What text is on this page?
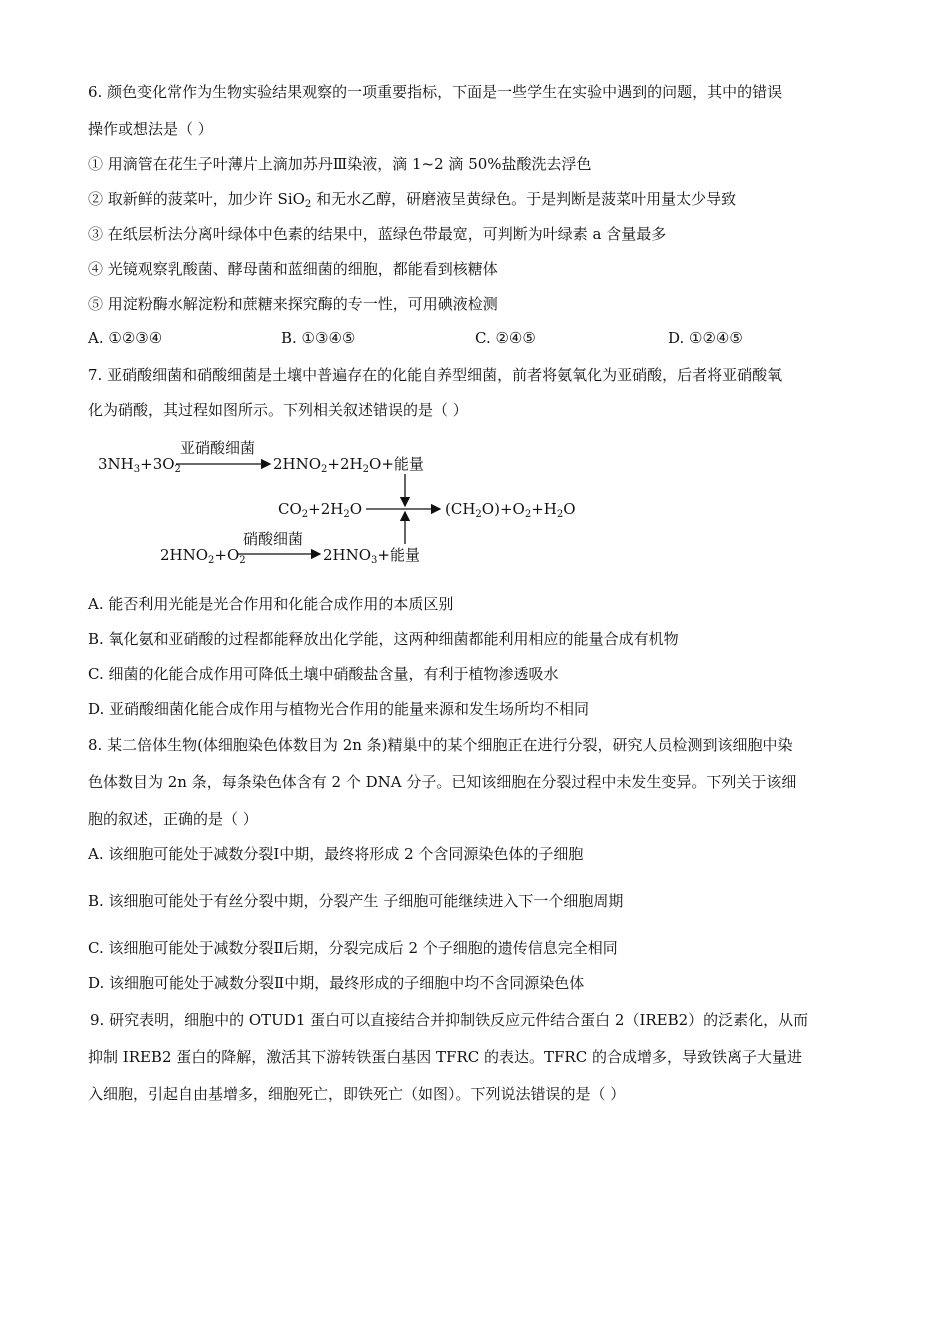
6. 颜色变化常作为生物实验结果观察的一项重要指标，下面是一些学生在实验中遇到的问题，其中的错误
操作或想法是（ ）
① 用滴管在花生子叶薄片上滴加苏丹Ⅲ染液，滴 1~2 滴 50%盐酸洗去浮色
② 取新鲜的菠菜叶，加少许 SiO$_2$ 和无水乙醇，研磨液呈黄绿色。于是判断是菠菜叶用量太少导致
③ 在纸层析法分离叶绿体中色素的结果中，蓝绿色带最宽，可判断为叶绿素 a 含量最多
④ 光镜观察乳酸菌、酵母菌和蓝细菌的细胞，都能看到核糖体
⑤ 用淀粉酶水解淀粉和蔗糖来探究酶的专一性，可用碘液检测
A. ①②③④	B. ①③④⑤	C. ②④⑤	D. ①②④⑤
7. 亚硝酸细菌和硝酸细菌是土壤中普遍存在的化能自养型细菌，前者将氨氧化为亚硝酸，后者将亚硝酸氧
化为硝酸，其过程如图所示。下列相关叙述错误的是（ ）
亚硝酸细菌
$3NH_3+3O_2$	$2HNO_2+2H_2O+$能量
$CO_2+2H_2O$	$(CH_2O)+O_2+H_2O$
硝酸细菌
$2HNO_2+O_2$	$2HNO_3+$能量
A. 能否利用光能是光合作用和化能合成作用的本质区别
B. 氧化氨和亚硝酸的过程都能释放出化学能，这两种细菌都能利用相应的能量合成有机物
C. 细菌的化能合成作用可降低土壤中硝酸盐含量，有利于植物渗透吸水
D. 亚硝酸细菌化能合成作用与植物光合作用的能量来源和发生场所均不相同
8. 某二倍体生物(体细胞染色体数目为 2n 条)精巢中的某个细胞正在进行分裂，研究人员检测到该细胞中染
色体数目为 2n 条，每条染色体含有 2 个 DNA 分子。已知该细胞在分裂过程中未发生变异。下列关于该细
胞的叙述，正确的是（ ）
A. 该细胞可能处于减数分裂Ⅰ中期，最终将形成 2 个含同源染色体的子细胞
B. 该细胞可能处于有丝分裂中期，分裂产生 子细胞可能继续进入下一个细胞周期
C. 该细胞可能处于减数分裂Ⅱ后期，分裂完成后 2 个子细胞的遗传信息完全相同
D. 该细胞可能处于减数分裂Ⅱ中期，最终形成的子细胞中均不含同源染色体
9. 研究表明，细胞中的 OTUD1 蛋白可以直接结合并抑制铁反应元件结合蛋白 2（IREB2）的泛素化，从而
抑制 IREB2 蛋白的降解，激活其下游转铁蛋白基因 TFRC 的表达。TFRC 的合成增多，导致铁离子大量进
入细胞，引起自由基增多，细胞死亡，即铁死亡（如图）。下列说法错误的是（ ）
